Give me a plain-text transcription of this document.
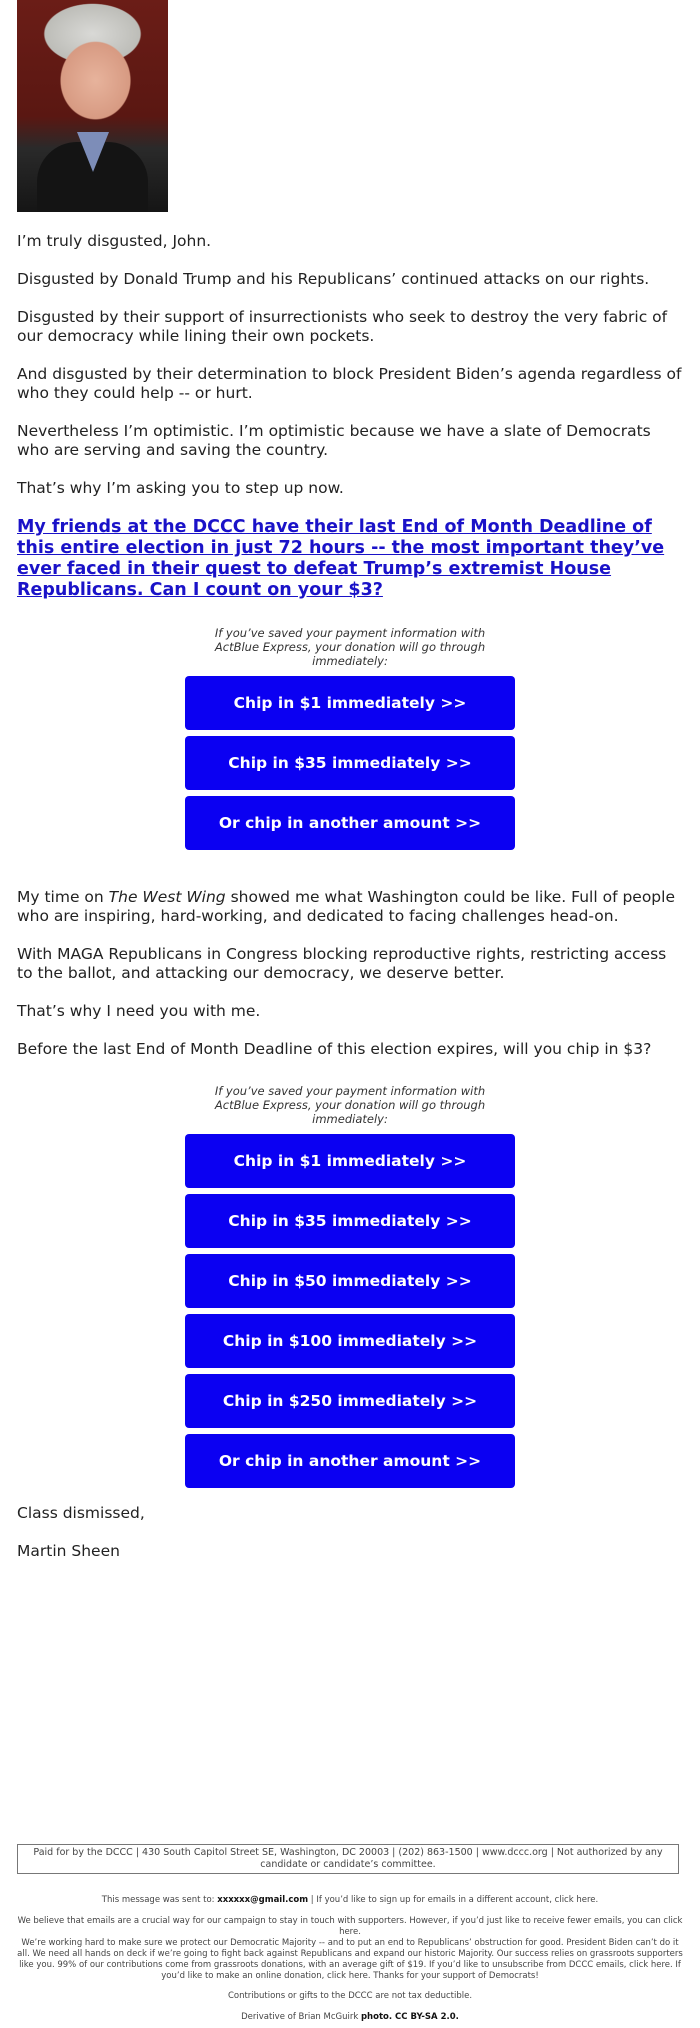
I’m truly disgusted, John.

Disgusted by Donald Trump and his Republicans’ continued attacks on our rights.

Disgusted by their support of insurrectionists who seek to destroy the very fabric of our democracy while lining their own pockets.

And disgusted by their determination to block President Biden’s agenda regardless of who they could help -- or hurt.

Nevertheless I’m optimistic. I’m optimistic because we have a slate of Democrats who are serving and saving the country.

That’s why I’m asking you to step up now.

My friends at the DCCC have their last End of Month Deadline of this entire election in just 72 hours -- the most important they’ve ever faced in their quest to defeat Trump’s extremist House Republicans. Can I count on your $3?
If you’ve saved your payment information with ActBlue Express, your donation will go through immediately:
Chip in $1 immediately >>
Chip in $35 immediately >>
Or chip in another amount >>

My time on The West Wing showed me what Washington could be like. Full of people who are inspiring, hard-working, and dedicated to facing challenges head-on.

With MAGA Republicans in Congress blocking reproductive rights, restricting access to the ballot, and attacking our democracy, we deserve better.

That’s why I need you with me.

Before the last End of Month Deadline of this election expires, will you chip in $3?

If you’ve saved your payment information with ActBlue Express, your donation will go through immediately:
Chip in $1 immediately >>
Chip in $35 immediately >>
Chip in $50 immediately >>
Chip in $100 immediately >>
Chip in $250 immediately >>
Or chip in another amount >>

Class dismissed,

Martin Sheen

Paid for by the DCCC | 430 South Capitol Street SE, Washington, DC 20003 | (202) 863-1500 | www.dccc.org | Not authorized by any candidate or candidate’s committee.
This message was sent to: xxxxxx@gmail.com | If you’d like to sign up for emails in a different account, click here.
We believe that emails are a crucial way for our campaign to stay in touch with supporters. However, if you’d just like to receive fewer emails, you can click here.
We’re working hard to make sure we protect our Democratic Majority -- and to put an end to Republicans’ obstruction for good. President Biden can’t do it all. We need all hands on deck if we’re going to fight back against Republicans and expand our historic Majority. Our success relies on grassroots supporters like you. 99% of our contributions come from grassroots donations, with an average gift of $19. If you’d like to unsubscribe from DCCC emails, click here. If you’d like to make an online donation, click here. Thanks for your support of Democrats!
Contributions or gifts to the DCCC are not tax deductible.
Derivative of Brian McGuirk photo. CC BY-SA 2.0.
